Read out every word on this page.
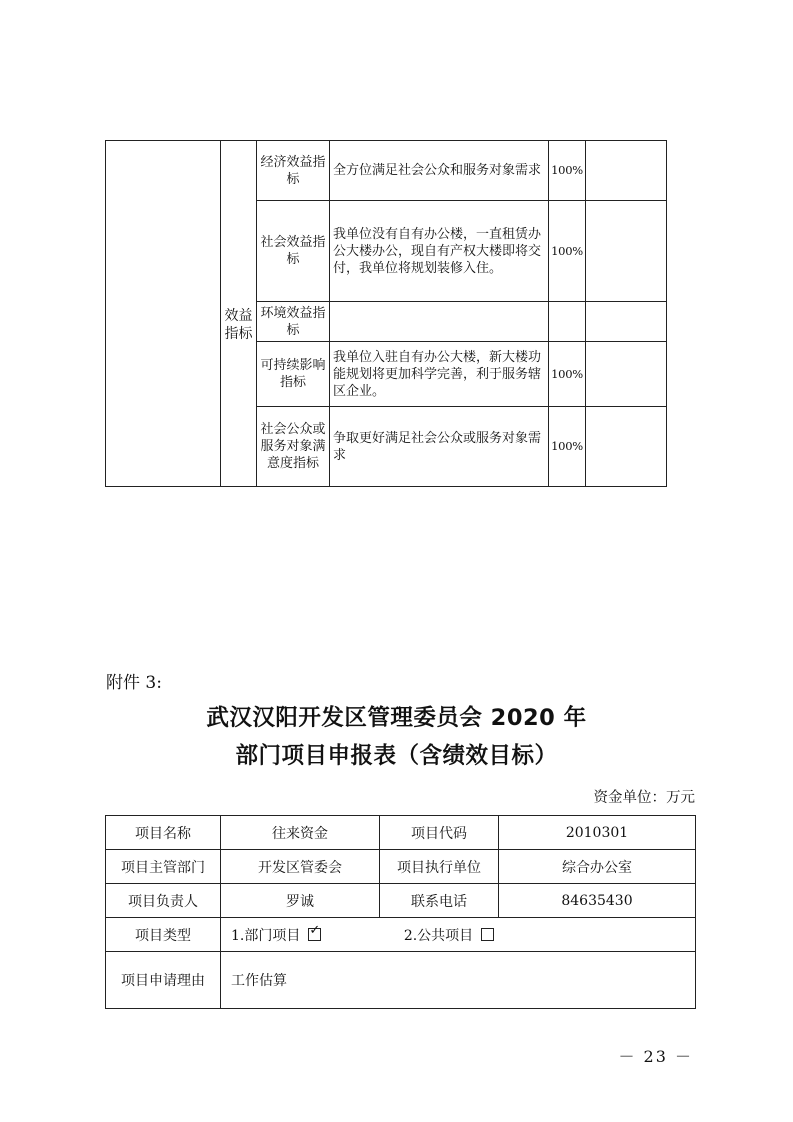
	效益指标	经济效益指标	全方位满足社会公众和服务对象需求	100%	
		社会效益指标	我单位没有自有办公楼，一直租赁办公大楼办公，现自有产权大楼即将交付，我单位将规划装修入住。	100%	
		环境效益指标			
		可持续影响指标	我单位入驻自有办公大楼，新大楼功能规划将更加科学完善，利于服务辖区企业。	100%	
		社会公众或服务对象满意度指标	争取更好满足社会公众或服务对象需求	100%	
附件 3:
武汉汉阳开发区管理委员会 2020 年
部门项目申报表（含绩效目标）
资金单位：万元
项目名称	往来资金	项目代码	2010301
项目主管部门	开发区管委会	项目执行单位	综合办公室
项目负责人	罗诚	联系电话	84635430
项目类型	1.部门项目 ✓ 2.公共项目
项目申请理由	工作估算		
－ 23 －
